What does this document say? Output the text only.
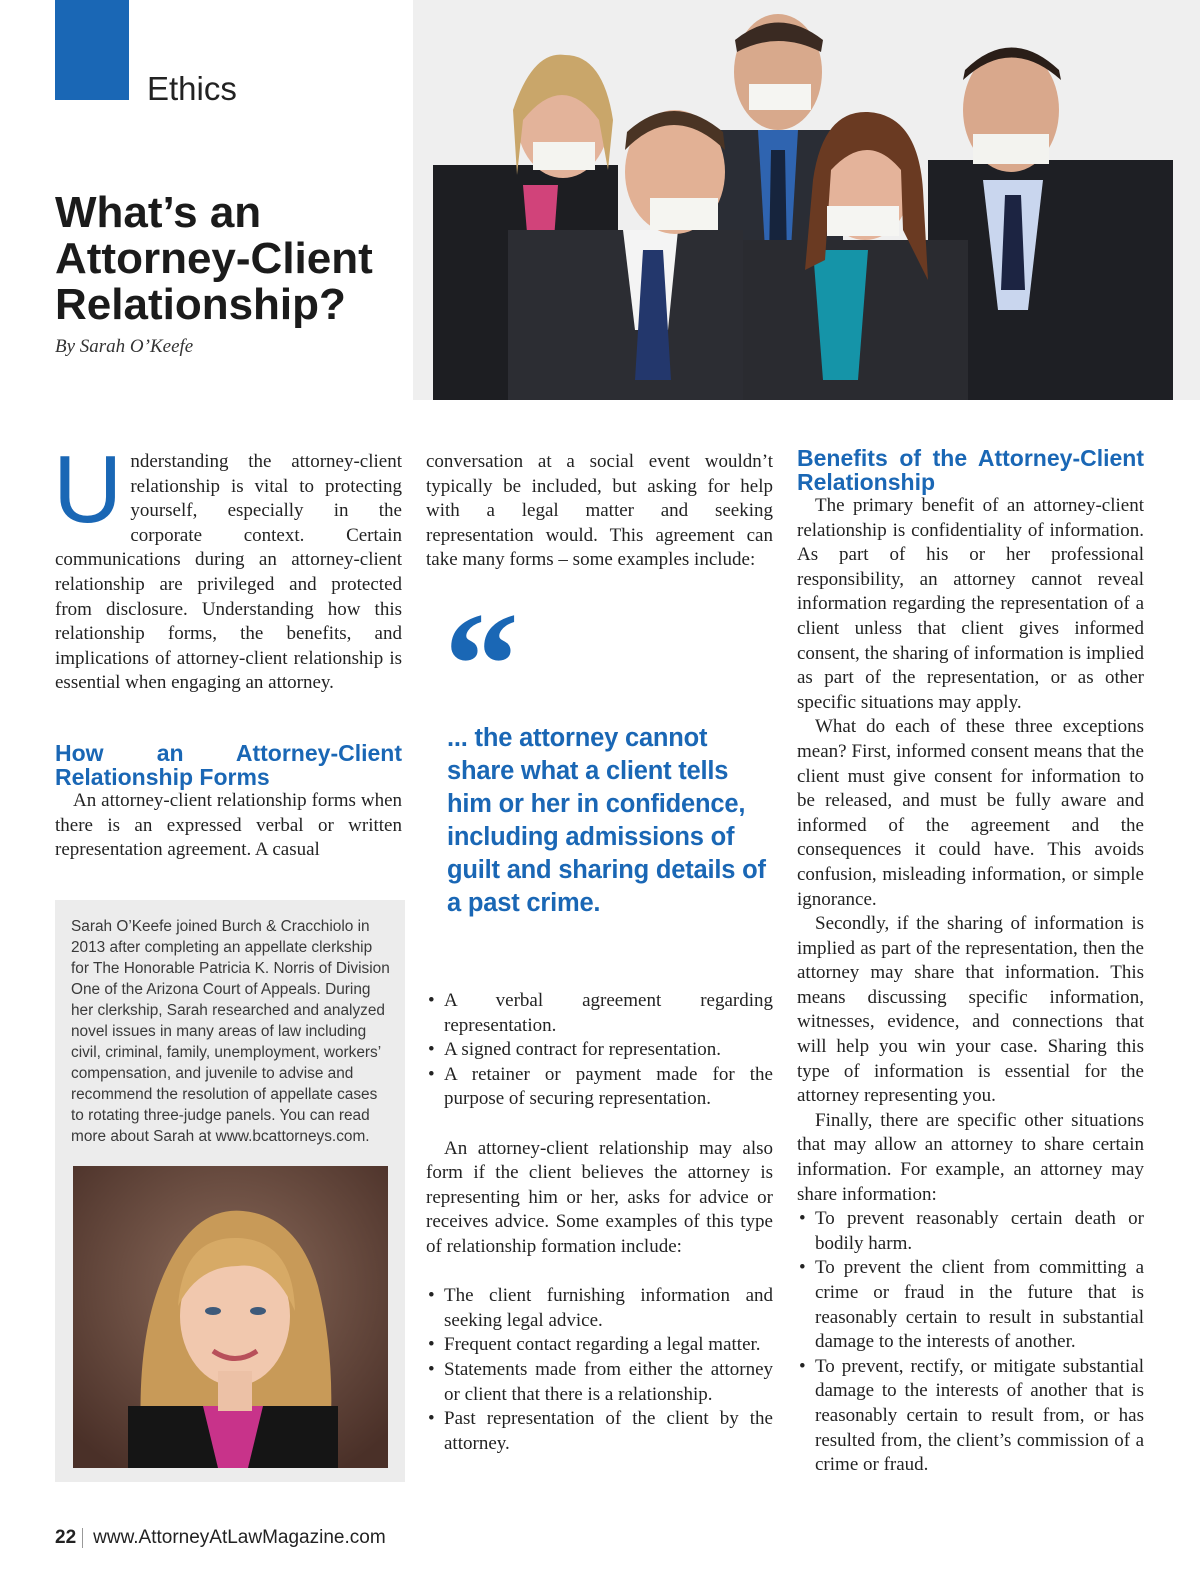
Ethics
What’s an Attorney-Client Relationship?
By Sarah O’Keefe
Understanding the attorney-client relationship is vital to protecting yourself, especially in the corporate context. Certain communications during an attorney-client relationship are privileged and protected from disclosure. Understanding how this relationship forms, the benefits, and implications of attorney-client relationship is essential when engaging an attorney.
How an Attorney-Client Relationship Forms

An attorney-client relationship forms when there is an expressed verbal or written representation agreement. A casual

Sarah O’Keefe joined Burch & Cracchiolo in 2013 after completing an appellate clerkship for The Honorable Patricia K. Norris of Division One of the Arizona Court of Appeals. During her clerkship, Sarah researched and analyzed novel issues in many areas of law including civil, criminal, family, unemployment, workers’ compensation, and juvenile to advise and recommend the resolution of appellate cases to rotating three-judge panels. You can read more about Sarah at www.bcattorneys.com.

conversation at a social event wouldn’t typically be included, but asking for help with a legal matter and seeking representation would. This agreement can take many forms – some examples include:

“

... the attorney cannot share what a client tells him or her in confidence, including admissions of guilt and sharing details of a past crime.

• A verbal agreement regarding representation.
• A signed contract for representation.
• A retainer or payment made for the purpose of securing representation.

An attorney-client relationship may also form if the client believes the attorney is representing him or her, asks for advice or receives advice. Some examples of this type of relationship formation include:

• The client furnishing information and seeking legal advice.
• Frequent contact regarding a legal matter.
• Statements made from either the attorney or client that there is a relationship.
• Past representation of the client by the attorney.
Benefits of the Attorney-Client Relationship

The primary benefit of an attorney-client relationship is confidentiality of information. As part of his or her professional responsibility, an attorney cannot reveal information regarding the representation of a client unless that client gives informed consent, the sharing of information is implied as part of the representation, or as other specific situations may apply.

What do each of these three exceptions mean? First, informed consent means that the client must give consent for information to be released, and must be fully aware and informed of the agreement and the consequences it could have. This avoids confusion, misleading information, or simple ignorance.

Secondly, if the sharing of information is implied as part of the representation, then the attorney may share that information. This means discussing specific information, witnesses, evidence, and connections that will help you win your case. Sharing this type of information is essential for the attorney representing you.

Finally, there are specific other situations that may allow an attorney to share certain information. For example, an attorney may share information:

• To prevent reasonably certain death or bodily harm.
• To prevent the client from committing a crime or fraud in the future that is reasonably certain to result in substantial damage to the interests of another.
• To prevent, rectify, or mitigate substantial damage to the interests of another that is reasonably certain to result from, or has resulted from, the client’s commission of a crime or fraud.
22 www.AttorneyAtLawMagazine.com
